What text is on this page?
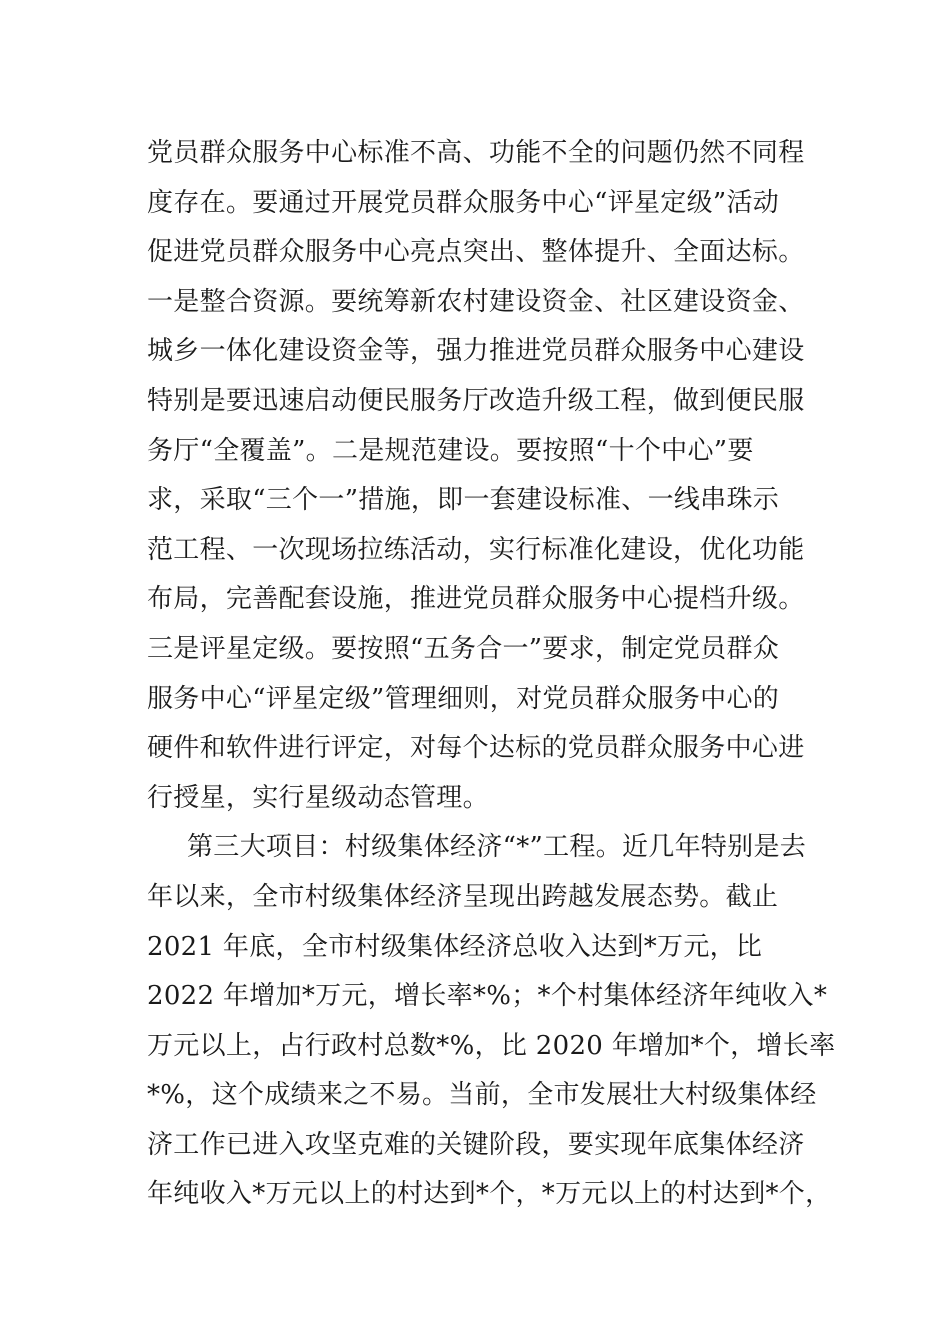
党员群众服务中心标准不高、功能不全的问题仍然不同程
度存在。要通过开展党员群众服务中心“评星定级”活动
促进党员群众服务中心亮点突出、整体提升、全面达标。
一是整合资源。要统筹新农村建设资金、社区建设资金、
城乡一体化建设资金等，强力推进党员群众服务中心建设
特别是要迅速启动便民服务厅改造升级工程，做到便民服
务厅“全覆盖”。二是规范建设。要按照“十个中心”要
求，采取“三个一”措施，即一套建设标准、一线串珠示
范工程、一次现场拉练活动，实行标准化建设，优化功能
布局，完善配套设施，推进党员群众服务中心提档升级。
三是评星定级。要按照“五务合一”要求，制定党员群众
服务中心“评星定级”管理细则，对党员群众服务中心的
硬件和软件进行评定，对每个达标的党员群众服务中心进
行授星，实行星级动态管理。
第三大项目：村级集体经济“*”工程。近几年特别是去
年以来，全市村级集体经济呈现出跨越发展态势。截止
2021 年底，全市村级集体经济总收入达到*万元，比
2022 年增加*万元，增长率*%；*个村集体经济年纯收入*
万元以上，占行政村总数*%，比 2020 年增加*个，增长率
*%，这个成绩来之不易。当前，全市发展壮大村级集体经
济工作已进入攻坚克难的关键阶段，要实现年底集体经济
年纯收入*万元以上的村达到*个，*万元以上的村达到*个，
